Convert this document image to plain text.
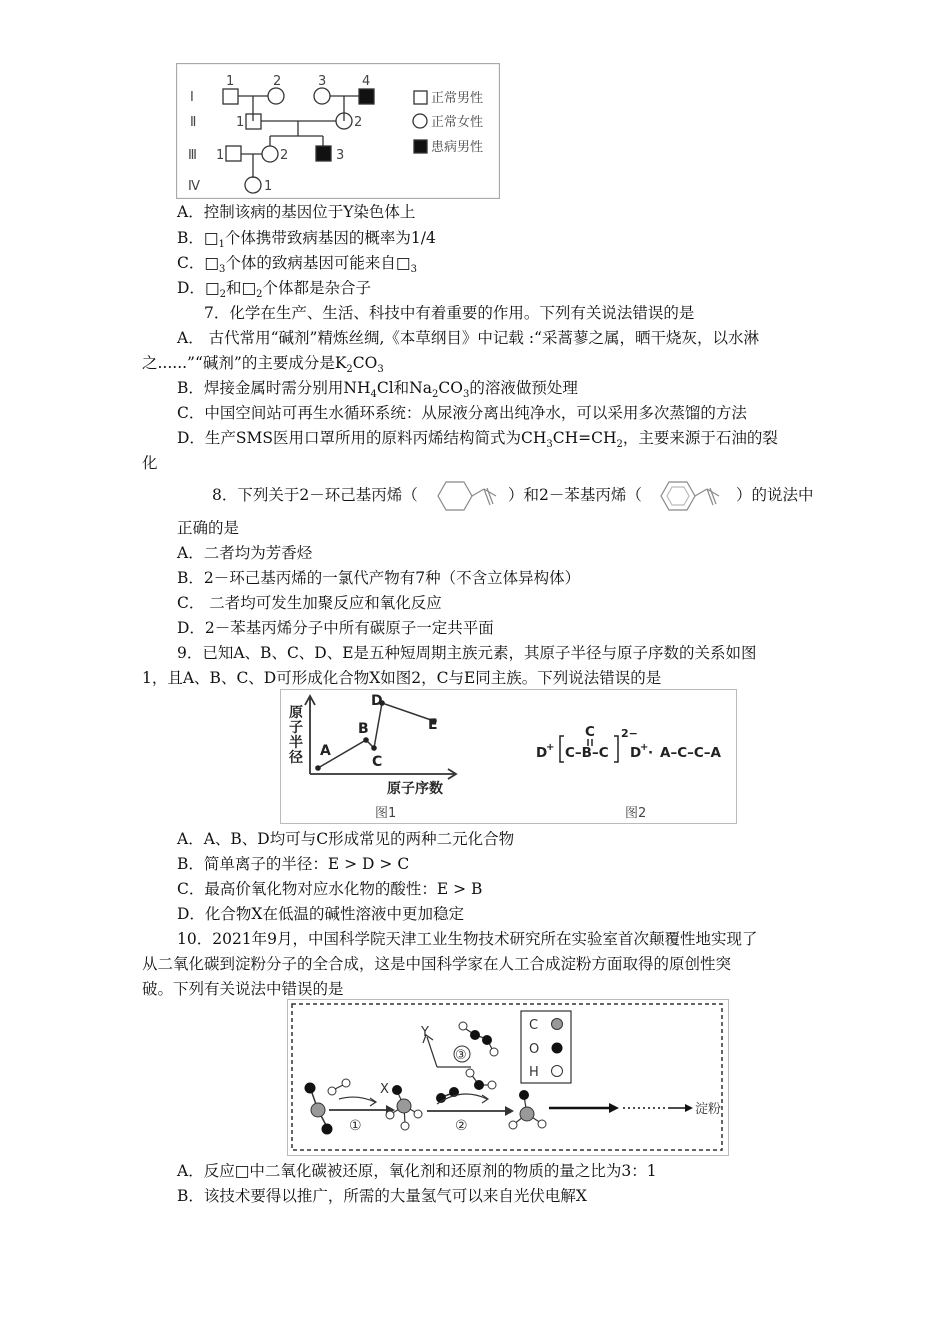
Ⅰ
Ⅱ
Ⅲ
Ⅳ
1	2	3	4
1	2
1	2	3
1
正常男性
正常女性
患病男性
A．控制该病的基因位于Y染色体上
B．$□_1$个体携带致病基因的概率为1/4
C．$□_3$个体的致病基因可能来自$□_3$
D．$□_2$和$□_2$个体都是杂合子
7．化学在生产、生活、科技中有着重要的作用。下列有关说法错误的是
A． 古代常用“碱剂”精炼丝绸,《本草纲目》中记载 :“采蒿蓼之属，晒干烧灰，以水淋
之......”“碱剂”的主要成分是$K_2CO_3$
B．焊接金属时需分别用$NH_4Cl$和$Na_2CO_3$的溶液做预处理
C．中国空间站可再生水循环系统：从尿液分离出纯净水，可以采用多次蒸馏的方法
D．生产SMS医用口罩所用的原料丙烯结构简式为$CH_3CH=CH_2$，主要来源于石油的裂
化
8．下列关于2－环己基丙烯（	）和2－苯基丙烯（	）的说法中
正确的是
A．二者均为芳香烃
B．2－环己基丙烯的一氯代产物有7种（不含立体异构体）
C． 二者均可发生加聚反应和氧化反应
D．2－苯基丙烯分子中所有碳原子一定共平面
9．已知A、B、C、D、E是五种短周期主族元素，其原子半径与原子序数的关系如图
1，且A、B、C、D可形成化合物X如图2，C与E同主族。下列说法错误的是
原
子
半
径
原子序数
A
B
C
D
E
图1
D
+ C–B–C
C 2−
D
+ · A–C–C–A
图2
A．A、B、D均可与C形成常见的两种二元化合物
B．简单离子的半径：E > D > C
C．最高价氧化物对应水化物的酸性：E > B
D．化合物X在低温的碱性溶液中更加稳定
10．2021年9月，中国科学院天津工业生物技术研究所在实验室首次颠覆性地实现了
从二氧化碳到淀粉分子的全合成，这是中国科学家在人工合成淀粉方面取得的原创性突
破。下列有关说法中错误的是
C
O
H
X
①	②
Y
③
淀粉
A．反应□中二氧化碳被还原，氧化剂和还原剂的物质的量之比为3：1
B．该技术要得以推广，所需的大量氢气可以来自光伏电解X
